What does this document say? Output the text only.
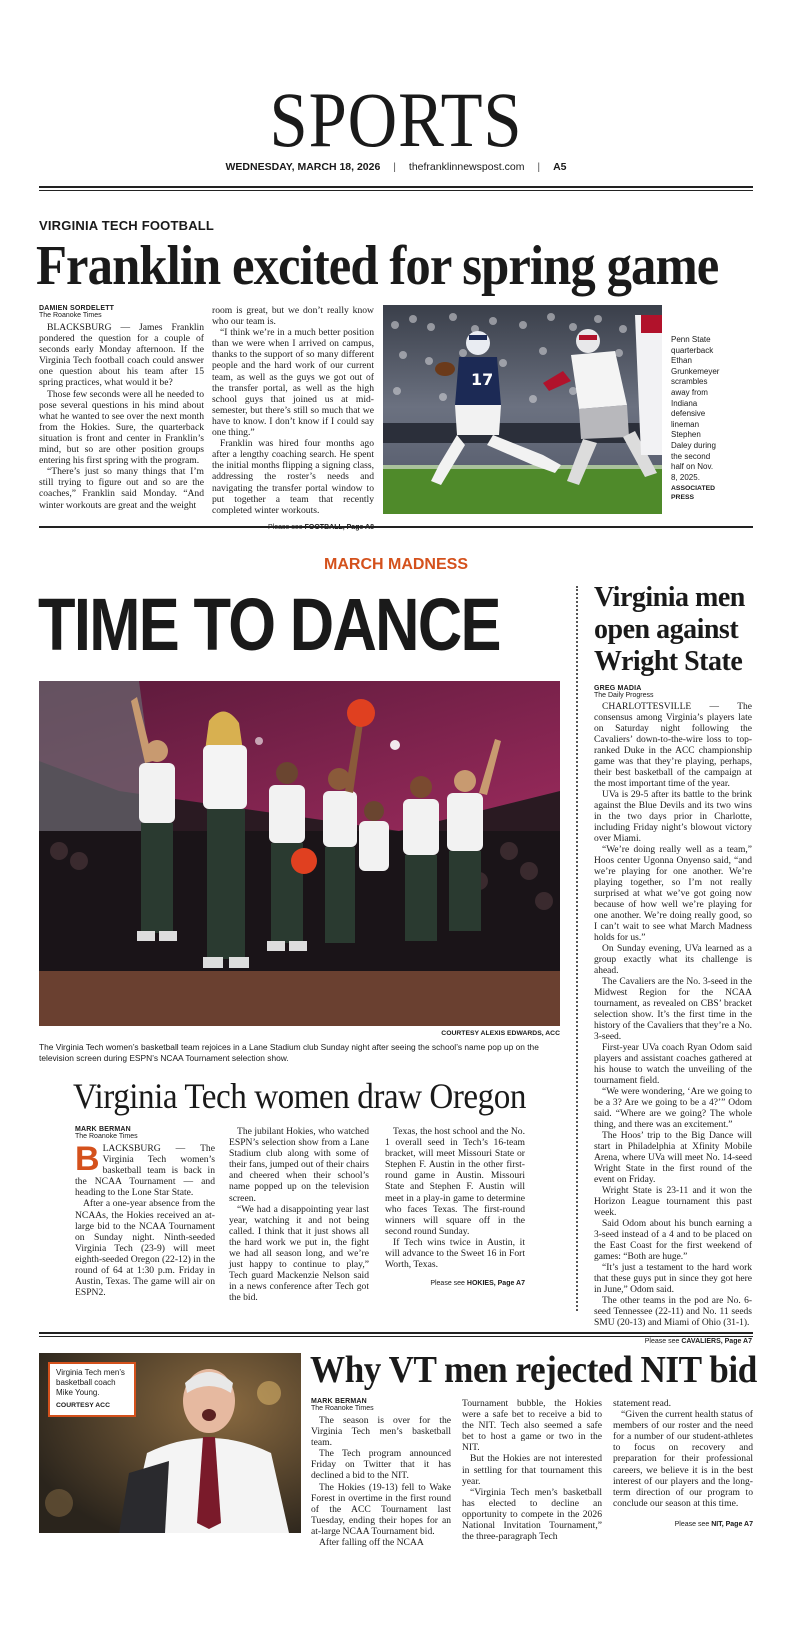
SPORTS
WEDNESDAY, MARCH 18, 2026 | thefranklinnewspost.com | A5
VIRGINIA TECH FOOTBALL
Franklin excited for spring game
DAMIEN SORDELETT
The Roanoke Times

BLACKSBURG — James Franklin pondered the question for a couple of seconds early Monday afternoon. If the Virginia Tech football coach could answer one question about his team after 15 spring practices, what would it be?

Those few seconds were all he needed to pose several questions in his mind about what he wanted to see over the next month from the Hokies. Sure, the quarterback situation is front and center in Franklin’s mind, but so are other position groups entering his first spring with the program.

“There’s just so many things that I’m still trying to figure out and so are the coaches,” Franklin said Monday. “And winter workouts are great and the weight

room is great, but we don’t really know who our team is.

“I think we’re in a much better position than we were when I arrived on campus, thanks to the support of so many different people and the hard work of our current team, as well as the guys we got out of the transfer portal, as well as the high school guys that joined us at mid-semester, but there’s still so much that we have to know. I don’t know if I could say one thing.”

Franklin was hired four months ago after a lengthy coaching search. He spent the initial months flipping a signing class, addressing the roster’s needs and navigating the transfer portal window to put together a team that recently completed winter workouts.

17
Penn State quarterback Ethan Grunkemeyer scrambles away from Indiana defensive lineman Stephen Daley during the second half on Nov. 8, 2025.
ASSOCIATED PRESS
MARCH MADNESS
TIME TO DANCE
COURTESY ALEXIS EDWARDS, ACC
The Virginia Tech women’s basketball team rejoices in a Lane Stadium club Sunday night after seeing the school’s name pop up on the television screen during ESPN’s NCAA Tournament selection show.
Virginia Tech women draw Oregon
MARK BERMAN
The Roanoke Times

BLACKSBURG — The Virginia Tech women’s basketball team is back in the NCAA Tournament — and heading to the Lone Star State.

After a one-year absence from the NCAAs, the Hokies received an at-large bid to the NCAA Tournament on Sunday night. Ninth-seeded Virginia Tech (23-9) will meet eighth-seeded Oregon (22-12) in the round of 64 at 1:30 p.m. Friday in Austin, Texas. The game will air on ESPN2.

The jubilant Hokies, who watched ESPN’s selection show from a Lane Stadium club along with some of their fans, jumped out of their chairs and cheered when their school’s name popped up on the television screen.

“We had a disappointing year last year, watching it and not being called. I think that it just shows all the hard work we put in, the fight we had all season long, and we’re just happy to continue to play,” Tech guard Mackenzie Nelson said in a news conference after Tech got the bid.

Texas, the host school and the No. 1 overall seed in Tech’s 16-team bracket, will meet Missouri State or Stephen F. Austin in the other first-round game in Austin. Missouri State and Stephen F. Austin will meet in a play-in game to determine who faces Texas. The first-round winners will square off in the second round Sunday.

If Tech wins twice in Austin, it will advance to the Sweet 16 in Fort Worth, Texas.

Please see HOKIES, Page A7
Virginia men open against Wright State
GREG MADIA
The Daily Progress

CHARLOTTESVILLE — The consensus among Virginia’s players late on Saturday night following the Cavaliers’ down-to-the-wire loss to top-ranked Duke in the ACC championship game was that they’re playing, perhaps, their best basketball of the campaign at the most important time of the year.

UVa is 29-5 after its battle to the brink against the Blue Devils and its two wins in the two days prior in Charlotte, including Friday night’s blowout victory over Miami.

“We’re doing really well as a team,” Hoos center Ugonna Onyenso said, “and we’re playing for one another. We’re playing together, so I’m not really surprised at what we’ve got going now because of how well we’re playing for one another. We’re doing really good, so I can’t wait to see what March Madness holds for us.”

On Sunday evening, UVa learned as a group exactly what its challenge is ahead.

The Cavaliers are the No. 3-seed in the Midwest Region for the NCAA tournament, as revealed on CBS’ bracket selection show. It’s the first time in the history of the Cavaliers that they’re a No. 3-seed.

First-year UVa coach Ryan Odom said players and assistant coaches gathered at his house to watch the unveiling of the tournament field.

“We were wondering, ‘Are we going to be a 3? Are we going to be a 4?’” Odom said. “Where are we going? The whole thing, and there was an excitement.”

The Hoos’ trip to the Big Dance will start in Philadelphia at Xfinity Mobile Arena, where UVa will meet No. 14-seed Wright State in the first round of the event on Friday.

Wright State is 23-11 and it won the Horizon League tournament this past week.

Said Odom about his bunch earning a 3-seed instead of a 4 and to be placed on the East Coast for the first weekend of games: “Both are huge.”

“It’s just a testament to the hard work that these guys put in since they got here in June,” Odom said.

The other teams in the pod are No. 6-seed Tennessee (22-11) and No. 11 seeds SMU (20-13) and Miami of Ohio (31-1).

Please see CAVALIERS, Page A7
Virginia Tech men’s basketball coach Mike Young.
COURTESY ACC
Why VT men rejected NIT bid
MARK BERMAN
The Roanoke Times

The season is over for the Virginia Tech men’s basketball team.

The Tech program announced Friday on Twitter that it has declined a bid to the NIT.

The Hokies (19-13) fell to Wake Forest in overtime in the first round of the ACC Tournament last Tuesday, ending their hopes for an at-large NCAA Tournament bid.

After falling off the NCAA

Tournament bubble, the Hokies were a safe bet to receive a bid to the NIT. Tech also seemed a safe bet to host a game or two in the NIT.

But the Hokies are not interested in settling for that tournament this year.

“Virginia Tech men’s basketball has elected to decline an opportunity to compete in the 2026 National Invitation Tournament,” the three-paragraph Tech

statement read.

“Given the current health status of members of our roster and the need for a number of our student-athletes to focus on recovery and preparation for their professional careers, we believe it is in the best interest of our players and the long-term direction of our program to conclude our season at this time.

Please see NIT, Page A7
